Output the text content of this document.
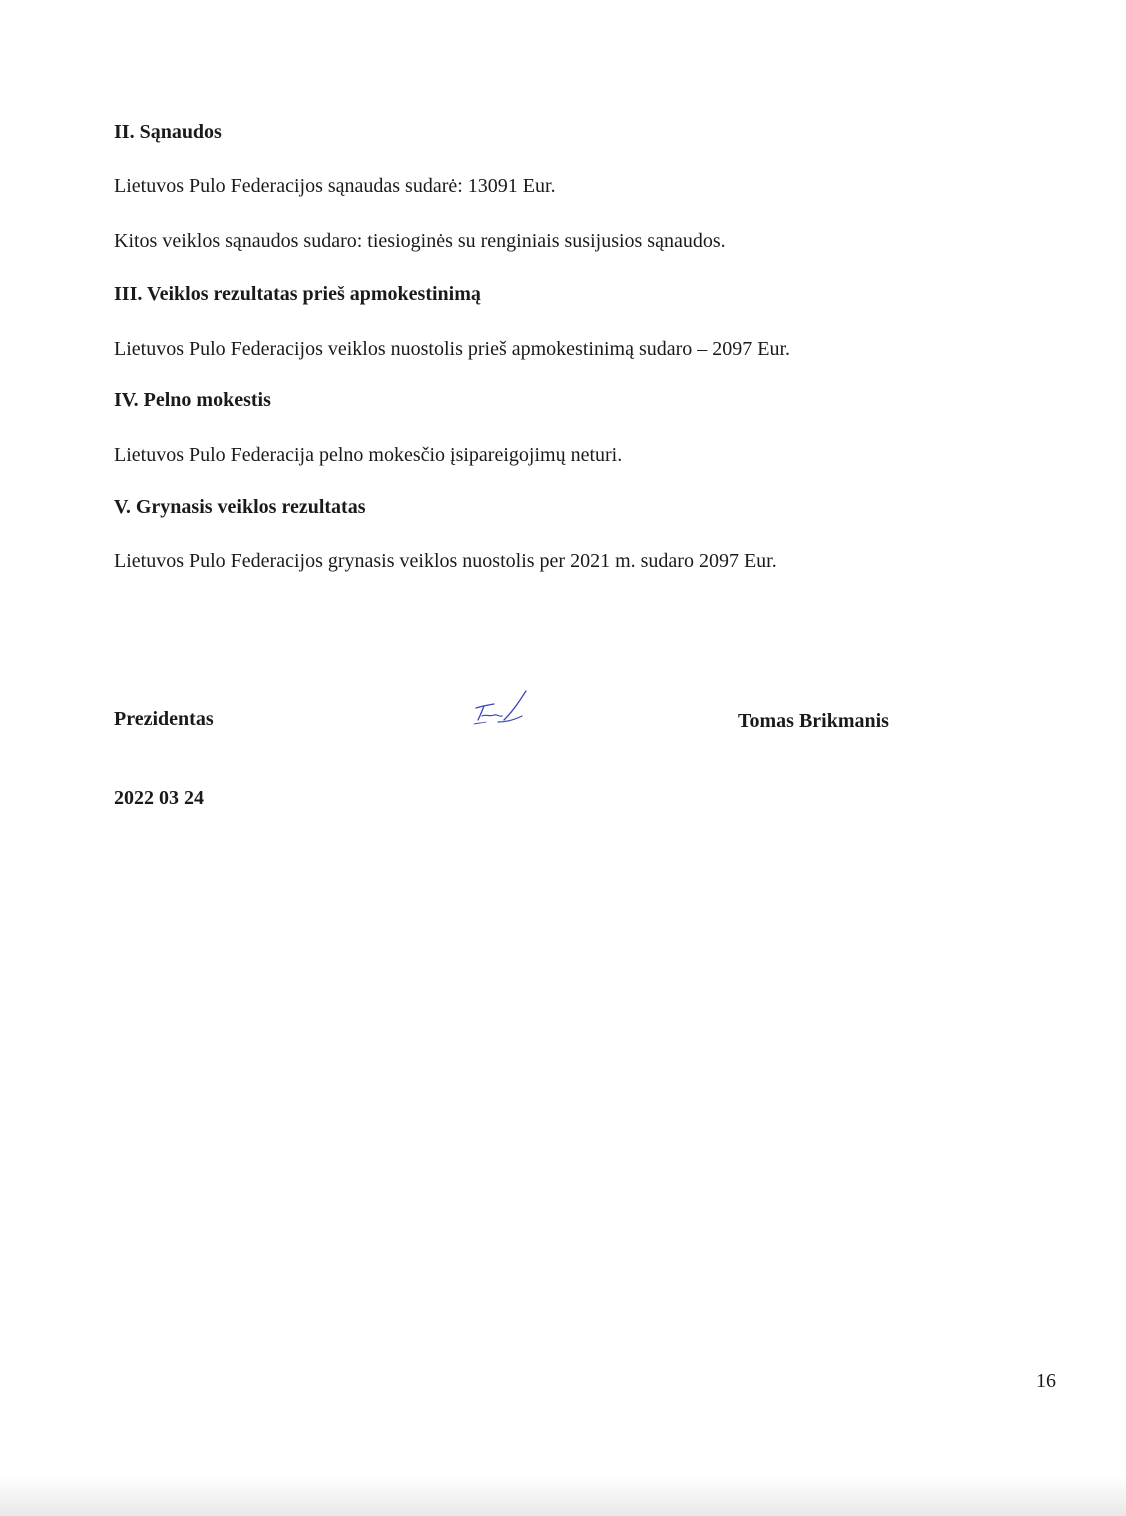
II. Sąnaudos
Lietuvos Pulo Federacijos sąnaudas sudarė: 13091 Eur.
Kitos veiklos sąnaudos sudaro: tiesioginės su renginiais susijusios sąnaudos.
III. Veiklos rezultatas prieš apmokestinimą
Lietuvos Pulo Federacijos veiklos nuostolis prieš apmokestinimą sudaro – 2097 Eur.
IV. Pelno mokestis
Lietuvos Pulo Federacija pelno mokesčio įsipareigojimų neturi.
V. Grynasis veiklos rezultatas
Lietuvos Pulo Federacijos grynasis veiklos nuostolis per 2021 m. sudaro 2097 Eur.
Prezidentas	Tomas Brikmanis
2022 03 24
16
